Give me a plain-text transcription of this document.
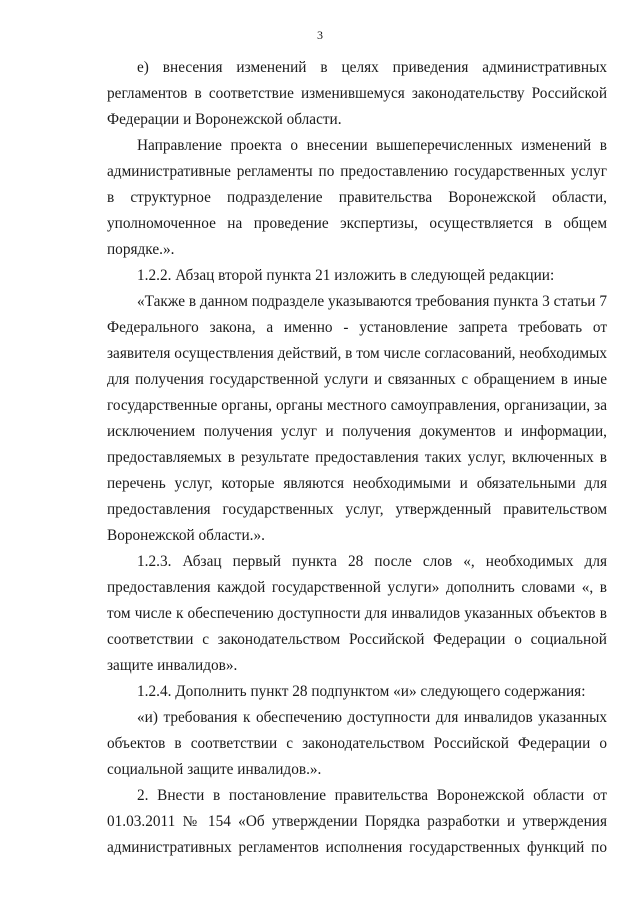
3

е) внесения изменений в целях приведения административных регламентов в соответствие изменившемуся законодательству Российской Федерации и Воронежской области.

Направление проекта о внесении вышеперечисленных изменений в административные регламенты по предоставлению государственных услуг в структурное подразделение правительства Воронежской области, уполномоченное на проведение экспертизы, осуществляется в общем порядке.».

1.2.2. Абзац второй пункта 21 изложить в следующей редакции:

«Также в данном подразделе указываются требования пункта 3 статьи 7 Федерального закона, а именно - установление запрета требовать от заявителя осуществления действий, в том числе согласований, необходимых для получения государственной услуги и связанных с обращением в иные государственные органы, органы местного самоуправления, организации, за исключением получения услуг и получения документов и информации, предоставляемых в результате предоставления таких услуг, включенных в перечень услуг, которые являются необходимыми и обязательными для предоставления государственных услуг, утвержденный правительством Воронежской области.».

1.2.3. Абзац первый пункта 28 после слов «, необходимых для предоставления каждой государственной услуги» дополнить словами «, в том числе к обеспечению доступности для инвалидов указанных объектов в соответствии с законодательством Российской Федерации о социальной защите инвалидов».

1.2.4. Дополнить пункт 28 подпунктом «и» следующего содержания:

«и) требования к обеспечению доступности для инвалидов указанных объектов в соответствии с законодательством Российской Федерации о социальной защите инвалидов.».

2. Внести в постановление правительства Воронежской области от 01.03.2011 № 154 «Об утверждении Порядка разработки и утверждения административных регламентов исполнения государственных функций по
